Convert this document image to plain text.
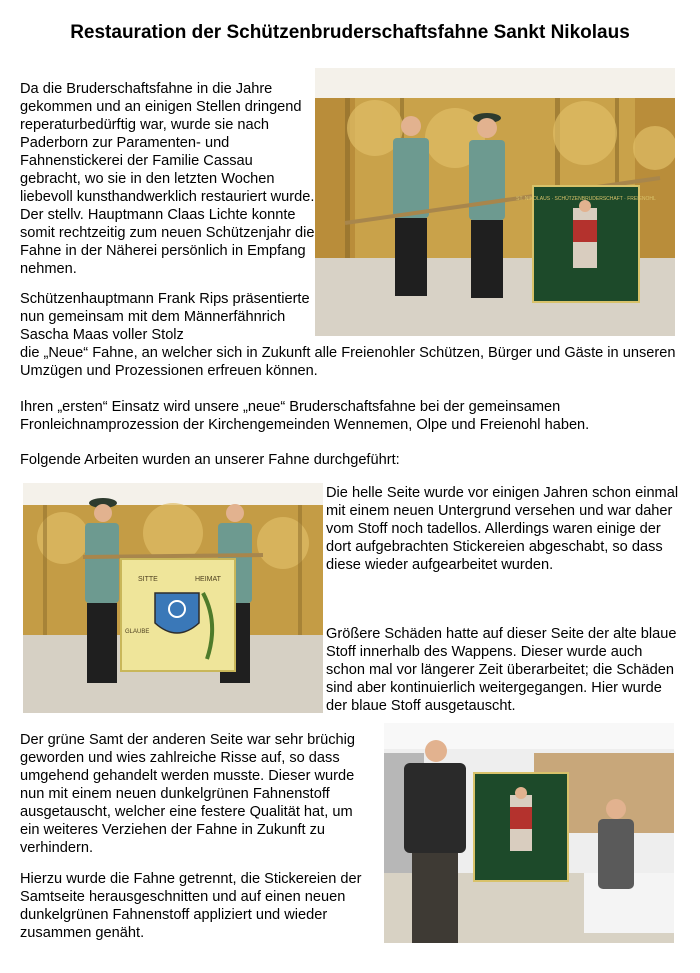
Restauration der Schützenbruderschaftsfahne Sankt Nikolaus

Da die Bruderschaftsfahne in die Jahre gekommen und an einigen Stellen dringend reperaturbedürftig war, wurde sie nach Paderborn zur Paramenten- und Fahnenstickerei der Familie Cassau gebracht, wo sie in den letzten Wochen liebevoll kunsthandwerklich restauriert wurde. Der stellv. Hauptmann Claas Lichte konnte somit rechtzeitig zum neuen Schützenjahr die Fahne in der Näherei persönlich in Empfang nehmen.

Schützenhauptmann Frank Rips präsentierte nun gemeinsam mit dem Männerfähnrich Sascha Maas voller Stolz

die „Neue“ Fahne, an welcher sich in Zukunft alle Freienohler Schützen, Bürger und Gäste in unseren Umzügen und Prozessionen erfreuen können.

Ihren „ersten“ Einsatz wird unsere „neue“ Bruderschaftsfahne bei der gemeinsamen Fronleichnamprozession der Kirchengemeinden Wennemen, Olpe und Freienohl haben.

Folgende Arbeiten wurden an unserer Fahne durchgeführt:

Die helle Seite wurde vor einigen Jahren schon einmal mit einem neuen Untergrund versehen und war daher vom Stoff noch tadellos. Allerdings waren einige der dort aufgebrachten Stickereien abgeschabt, so dass diese wieder aufgearbeitet wurden.

Größere Schäden hatte auf dieser Seite der alte blaue Stoff innerhalb des Wappens. Dieser wurde auch schon mal vor längerer Zeit überarbeitet; die Schäden sind aber kontinuierlich weitergegangen. Hier wurde der blaue Stoff ausgetauscht.

Der grüne Samt der anderen Seite war sehr brüchig geworden und wies zahlreiche Risse auf, so dass umgehend gehandelt werden musste. Dieser wurde nun mit einem neuen dunkelgrünen Fahnenstoff ausgetauscht, welcher eine festere Qualität hat, um ein weiteres Verziehen der Fahne in Zukunft zu verhindern.

Hierzu wurde die Fahne getrennt, die Stickereien der Samtseite herausgeschnitten und auf einen neuen dunkelgrünen Fahnenstoff appliziert und wieder zusammen genäht.

ST. NIKOLAUS · SCHÜTZENBRUDERSCHAFT · FREIENOHL
SITTE	HEIMAT
GLAUBE
